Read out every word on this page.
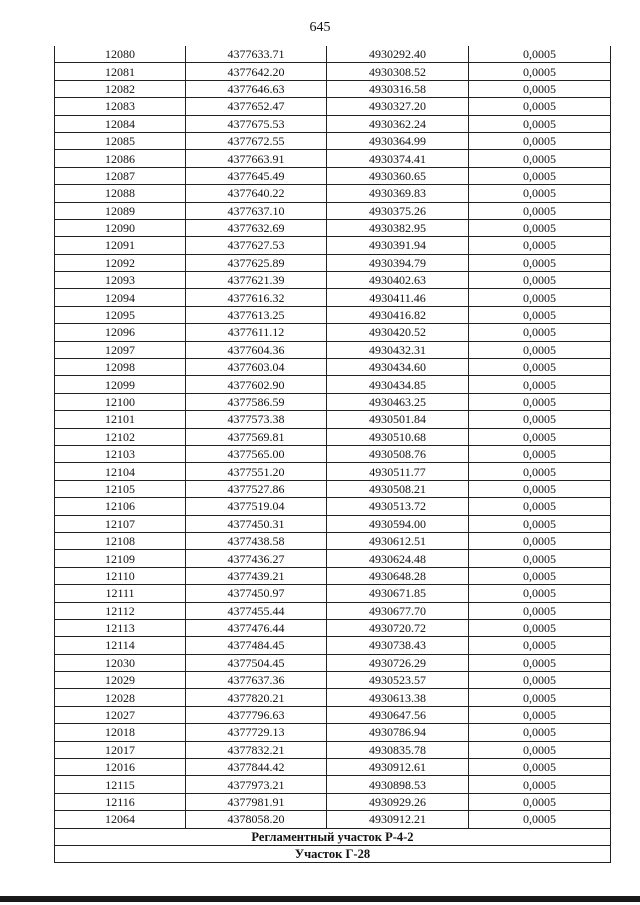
645
12080	4377633.71	4930292.40	0,0005
12081	4377642.20	4930308.52	0,0005
12082	4377646.63	4930316.58	0,0005
12083	4377652.47	4930327.20	0,0005
12084	4377675.53	4930362.24	0,0005
12085	4377672.55	4930364.99	0,0005
12086	4377663.91	4930374.41	0,0005
12087	4377645.49	4930360.65	0,0005
12088	4377640.22	4930369.83	0,0005
12089	4377637.10	4930375.26	0,0005
12090	4377632.69	4930382.95	0,0005
12091	4377627.53	4930391.94	0,0005
12092	4377625.89	4930394.79	0,0005
12093	4377621.39	4930402.63	0,0005
12094	4377616.32	4930411.46	0,0005
12095	4377613.25	4930416.82	0,0005
12096	4377611.12	4930420.52	0,0005
12097	4377604.36	4930432.31	0,0005
12098	4377603.04	4930434.60	0,0005
12099	4377602.90	4930434.85	0,0005
12100	4377586.59	4930463.25	0,0005
12101	4377573.38	4930501.84	0,0005
12102	4377569.81	4930510.68	0,0005
12103	4377565.00	4930508.76	0,0005
12104	4377551.20	4930511.77	0,0005
12105	4377527.86	4930508.21	0,0005
12106	4377519.04	4930513.72	0,0005
12107	4377450.31	4930594.00	0,0005
12108	4377438.58	4930612.51	0,0005
12109	4377436.27	4930624.48	0,0005
12110	4377439.21	4930648.28	0,0005
12111	4377450.97	4930671.85	0,0005
12112	4377455.44	4930677.70	0,0005
12113	4377476.44	4930720.72	0,0005
12114	4377484.45	4930738.43	0,0005
12030	4377504.45	4930726.29	0,0005
12029	4377637.36	4930523.57	0,0005
12028	4377820.21	4930613.38	0,0005
12027	4377796.63	4930647.56	0,0005
12018	4377729.13	4930786.94	0,0005
12017	4377832.21	4930835.78	0,0005
12016	4377844.42	4930912.61	0,0005
12115	4377973.21	4930898.53	0,0005
12116	4377981.91	4930929.26	0,0005
12064	4378058.20	4930912.21	0,0005
Регламентный участок Р-4-2			
Участок Г-28			
